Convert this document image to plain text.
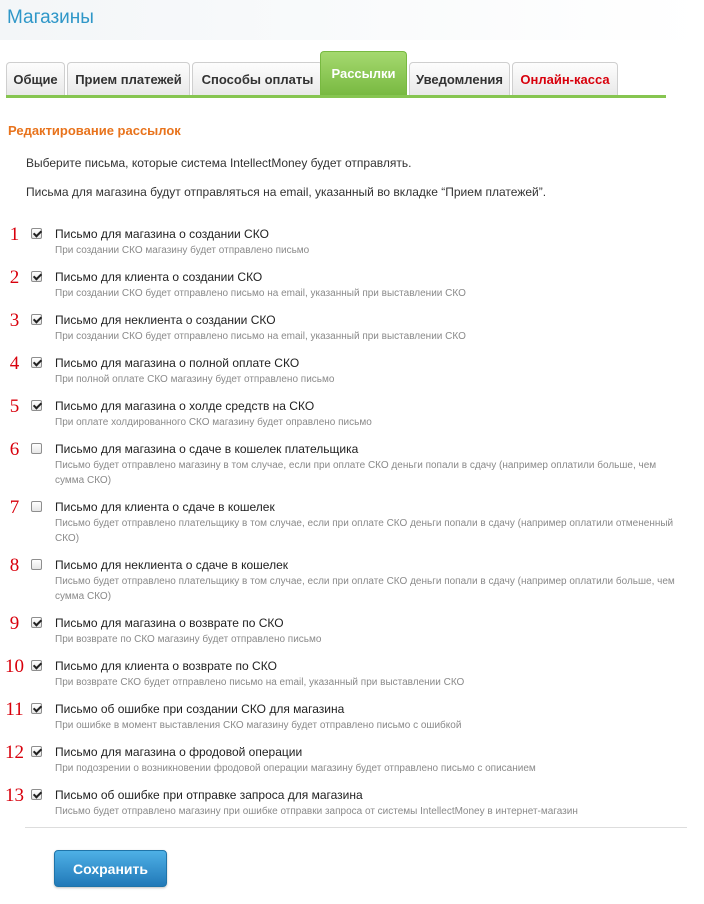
Магазины
Общие	Прием платежей	Способы оплаты	Рассылки	Уведомления	Онлайн-касса
Редактирование рассылок
Выберите письма, которые система IntellectMoney будет отправлять.
Письма для магазина будут отправляться на email, указанный во вкладке “Прием платежей”.
1	Письмо для магазина о создании СКО
При создании СКО магазину будет отправлено письмо
2	Письмо для клиента о создании СКО
При создании СКО будет отправлено письмо на email, указанный при выставлении СКО
3	Письмо для неклиента о создании СКО
При создании СКО будет отправлено письмо на email, указанный при выставлении СКО
4	Письмо для магазина о полной оплате СКО
При полной оплате СКО магазину будет отправлено письмо
5	Письмо для магазина о холде средств на СКО
При оплате холдированного СКО магазину будет оправлено письмо
6	Письмо для магазина о сдаче в кошелек плательщика
Письмо будет отправлено магазину в том случае, если при оплате СКО деньги попали в сдачу (например оплатили больше, чем сумма СКО)
7	Письмо для клиента о сдаче в кошелек
Письмо будет отправлено плательщику в том случае, если при оплате СКО деньги попали в сдачу (например оплатили отмененный СКО)
8	Письмо для неклиента о сдаче в кошелек
Письмо будет отправлено плательщику в том случае, если при оплате СКО деньги попали в сдачу (например оплатили больше, чем сумма СКО)
9	Письмо для магазина о возврате по СКО
При возврате по СКО магазину будет отправлено письмо
10	Письмо для клиента о возврате по СКО
При возврате СКО будет отправлено письмо на email, указанный при выставлении СКО
11	Письмо об ошибке при создании СКО для магазина
При ошибке в момент выставления СКО магазину будет отправлено письмо с ошибкой
12	Письмо для магазина о фродовой операции
При подозрении о возникновении фродовой операции магазину будет отправлено письмо с описанием
13	Письмо об ошибке при отправке запроса для магазина
Письмо будет отправлено магазину при ошибке отправки запроса от системы IntellectMoney в интернет-магазин
Сохранить
